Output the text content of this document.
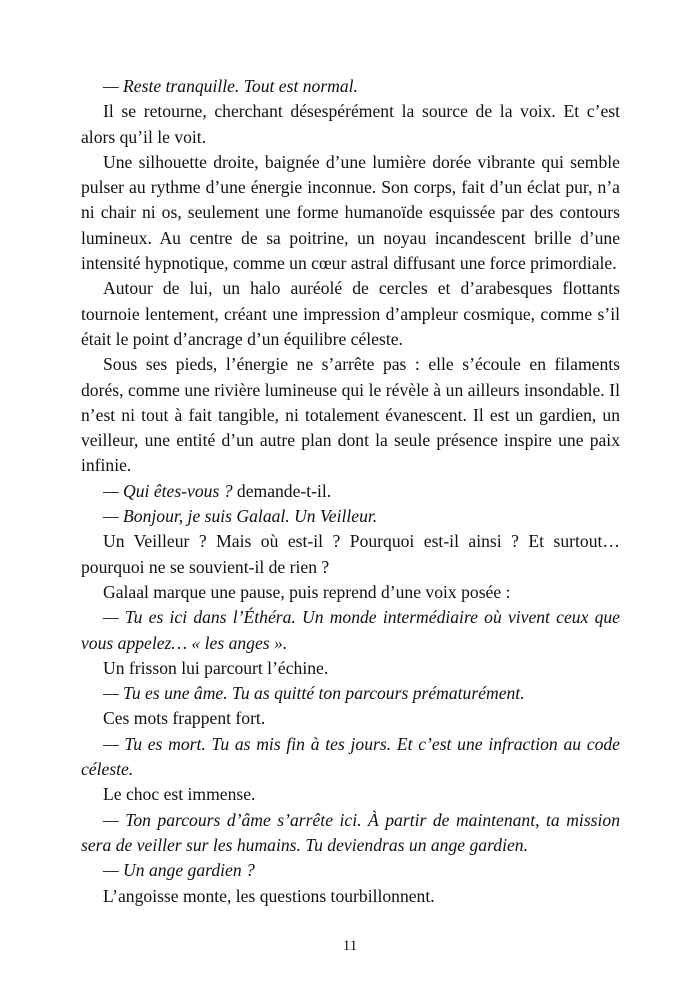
— Reste tranquille. Tout est normal.

Il se retourne, cherchant désespérément la source de la voix. Et c’est alors qu’il le voit.

Une silhouette droite, baignée d’une lumière dorée vibrante qui semble pulser au rythme d’une énergie inconnue. Son corps, fait d’un éclat pur, n’a ni chair ni os, seulement une forme humanoïde esquissée par des contours lumineux. Au centre de sa poitrine, un noyau incandescent brille d’une intensité hypnotique, comme un cœur astral diffusant une force primordiale.

Autour de lui, un halo auréolé de cercles et d’arabesques flottants tournoie lentement, créant une impression d’ampleur cosmique, comme s’il était le point d’ancrage d’un équilibre céleste.

Sous ses pieds, l’énergie ne s’arrête pas : elle s’écoule en filaments dorés, comme une rivière lumineuse qui le révèle à un ailleurs insondable. Il n’est ni tout à fait tangible, ni totalement évanescent. Il est un gardien, un veilleur, une entité d’un autre plan dont la seule présence inspire une paix infinie.

— Qui êtes-vous ? demande-t-il.

— Bonjour, je suis Galaal. Un Veilleur.

Un Veilleur ? Mais où est-il ? Pourquoi est-il ainsi ? Et surtout… pourquoi ne se souvient-il de rien ?

Galaal marque une pause, puis reprend d’une voix posée :

— Tu es ici dans l’Éthéra. Un monde intermédiaire où vivent ceux que vous appelez… « les anges ».

Un frisson lui parcourt l’échine.

— Tu es une âme. Tu as quitté ton parcours prématurément.

Ces mots frappent fort.

— Tu es mort. Tu as mis fin à tes jours. Et c’est une infraction au code céleste.

Le choc est immense.

— Ton parcours d’âme s’arrête ici. À partir de maintenant, ta mission sera de veiller sur les humains. Tu deviendras un ange gardien.

— Un ange gardien ?

L’angoisse monte, les questions tourbillonnent.

11
